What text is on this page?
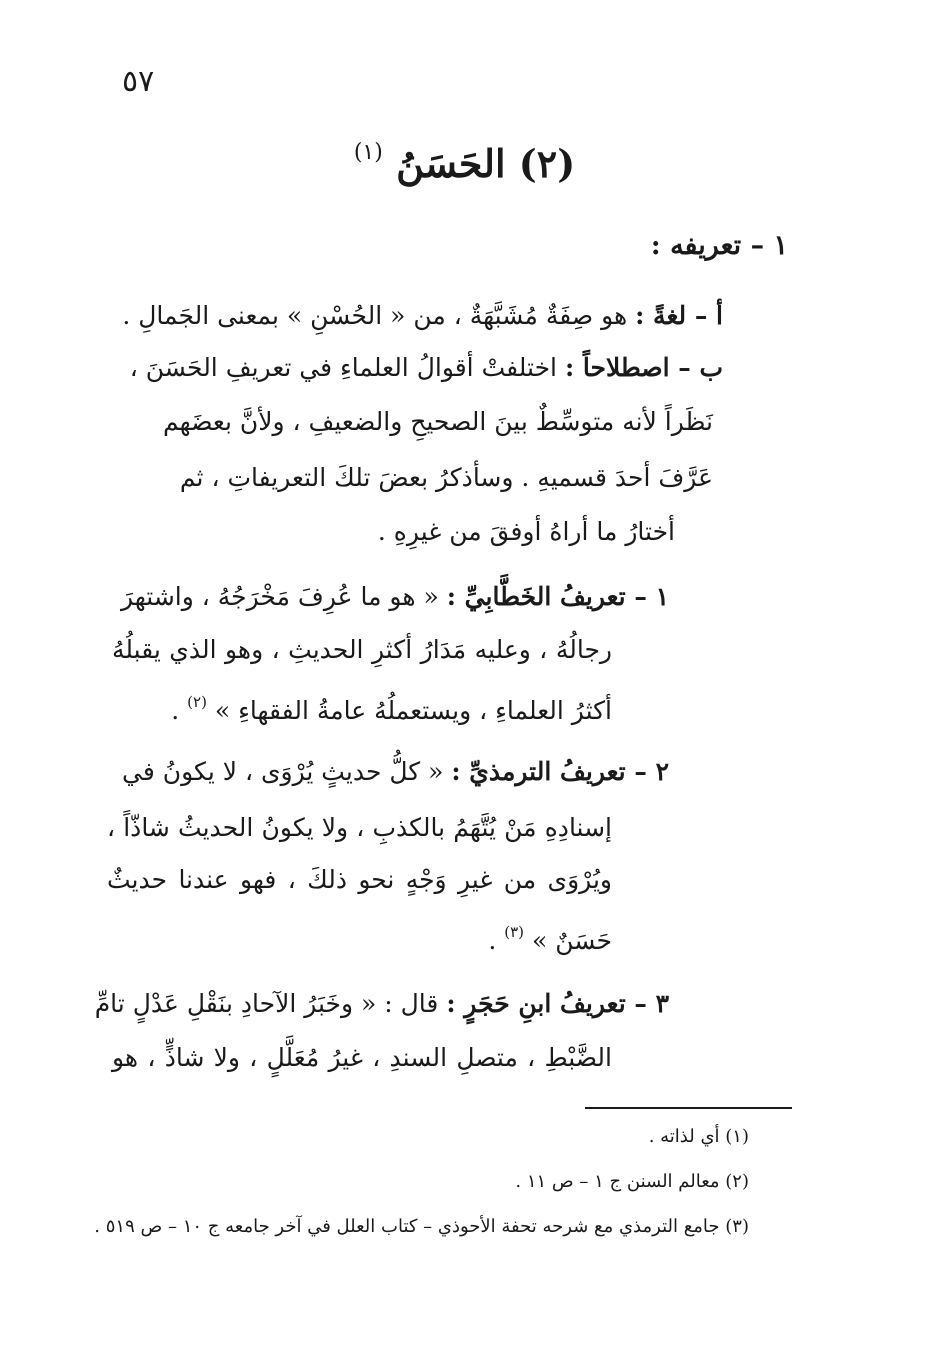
٥٧
(٢) الحَسَنُ $^{(١)}$
١ – تعريفه :
أ – لغةً : هو صِفَةٌ مُشَبَّهَةٌ ، من « الحُسْنِ » بمعنى الجَمالِ .
ب – اصطلاحاً : اختلفتْ أقوالُ العلماءِ في تعريفِ الحَسَنَ ،
نَظَراً لأنه متوسِّطٌ بينَ الصحيحِ والضعيفِ ، ولأنَّ بعضَهم
عَرَّفَ أحدَ قسميهِ . وسأذكرُ بعضَ تلكَ التعريفاتِ ، ثم
أختارُ ما أراهُ أوفقَ من غيرِهِ .
١ – تعريفُ الخَطَّابِيِّ : « هو ما عُرِفَ مَخْرَجُهُ ، واشتهرَ
رجالُهُ ، وعليه مَدَارُ أكثرِ الحديثِ ، وهو الذي يقبلُهُ
أكثرُ العلماءِ ، ويستعملُهُ عامةُ الفقهاءِ » $^{(٢)}$ .
٢ – تعريفُ الترمذيِّ : « كلُّ حديثٍ يُرْوَى ، لا يكونُ في
إسنادِهِ مَنْ يُتَّهَمُ بالكذبِ ، ولا يكونُ الحديثُ شاذّاً ،
ويُرْوَى من غيرِ وَجْهٍ نحو ذلكَ ، فهو عندنا حديثٌ
حَسَنٌ » $^{(٣)}$ .
٣ – تعريفُ ابنِ حَجَرٍ : قال : « وخَبَرُ الآحادِ بنَقْلِ عَدْلٍ تامِّ
الضَّبْطِ ، متصلِ السندِ ، غيرُ مُعَلَّلٍ ، ولا شاذٍّ ، هو
(١) أي لذاته .
(٢) معالم السنن ج ١ – ص ١١ .
(٣) جامع الترمذي مع شرحه تحفة الأحوذي – كتاب العلل في آخر جامعه ج ١٠ – ص ٥١٩ .
